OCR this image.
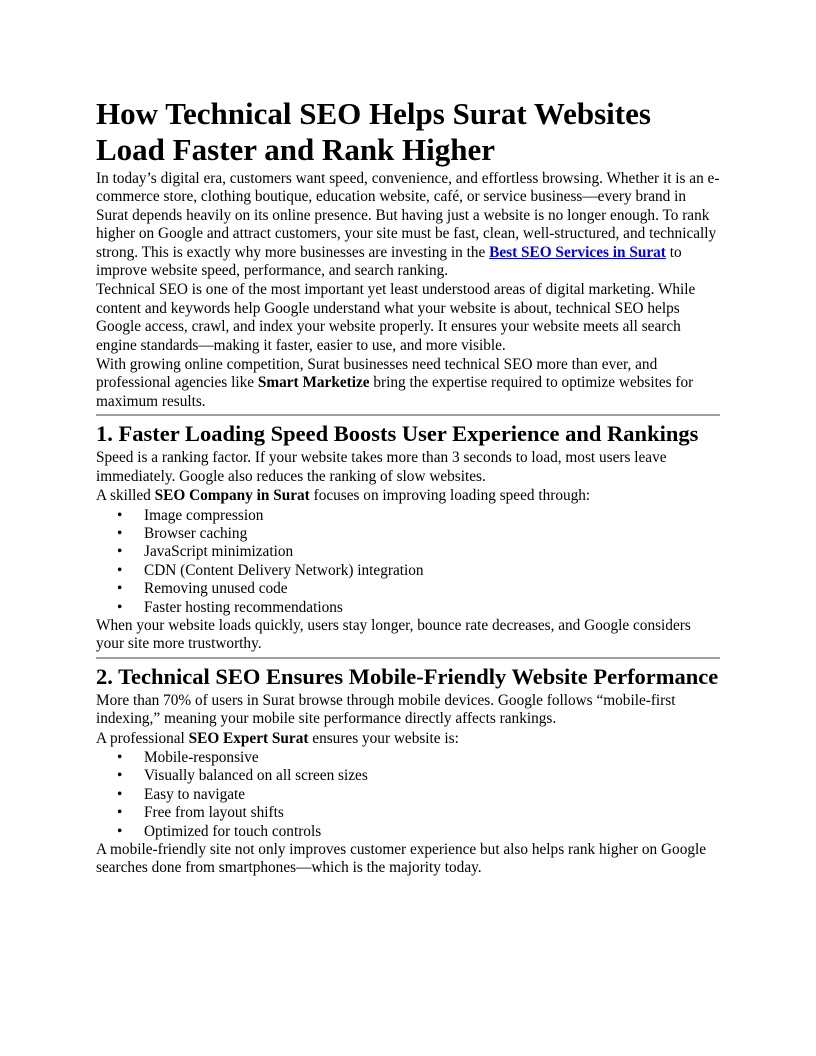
How Technical SEO Helps Surat Websites Load Faster and Rank Higher

In today’s digital era, customers want speed, convenience, and effortless browsing. Whether it is an e-commerce store, clothing boutique, education website, café, or service business—every brand in Surat depends heavily on its online presence. But having just a website is no longer enough. To rank higher on Google and attract customers, your site must be fast, clean, well-structured, and technically strong. This is exactly why more businesses are investing in the Best SEO Services in Surat to improve website speed, performance, and search ranking.

Technical SEO is one of the most important yet least understood areas of digital marketing. While content and keywords help Google understand what your website is about, technical SEO helps Google access, crawl, and index your website properly. It ensures your website meets all search engine standards—making it faster, easier to use, and more visible.

With growing online competition, Surat businesses need technical SEO more than ever, and professional agencies like Smart Marketize bring the expertise required to optimize websites for maximum results.

1. Faster Loading Speed Boosts User Experience and Rankings

Speed is a ranking factor. If your website takes more than 3 seconds to load, most users leave immediately. Google also reduces the ranking of slow websites.

A skilled SEO Company in Surat focuses on improving loading speed through:

• Image compression
• Browser caching
• JavaScript minimization
• CDN (Content Delivery Network) integration
• Removing unused code
• Faster hosting recommendations

When your website loads quickly, users stay longer, bounce rate decreases, and Google considers your site more trustworthy.

2. Technical SEO Ensures Mobile-Friendly Website Performance

More than 70% of users in Surat browse through mobile devices. Google follows “mobile-first indexing,” meaning your mobile site performance directly affects rankings.

A professional SEO Expert Surat ensures your website is:

• Mobile-responsive
• Visually balanced on all screen sizes
• Easy to navigate
• Free from layout shifts
• Optimized for touch controls

A mobile-friendly site not only improves customer experience but also helps rank higher on Google searches done from smartphones—which is the majority today.
